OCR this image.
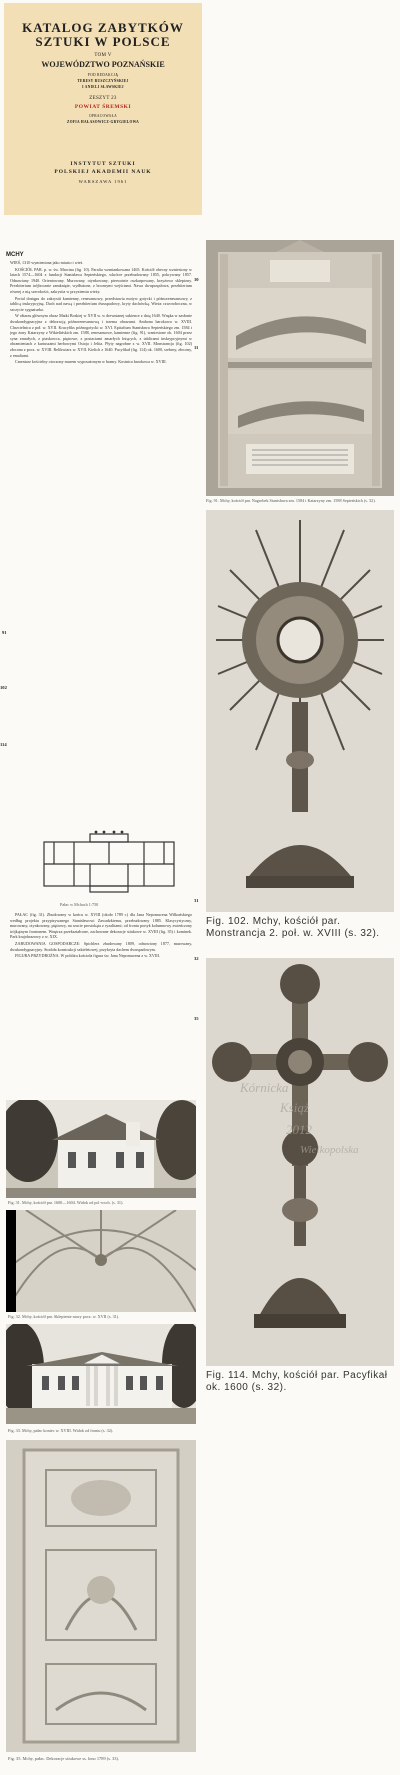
KATALOG ZABYTKÓW
SZTUKI W POLSCE
TOM V
WOJEWÓDZTWO POZNAŃSKIE
POD REDAKCJĄ
TERESY RUSZCZYŃSKIEJ
I ANIELI SŁAWSKIEJ
ZESZYT 23
POWIAT ŚREMSKI
OPRACOWAŁA
ZOFIA HAŁASOWICZ-GRYGIELOWA
INSTYTUT SZTUKI
POLSKIEJ AKADEMII NAUK
WARSZAWA 1961
MCHY
10
11
91
102
114
31
32
35

WIEŚ, 1310 wymieniona jako miasto i wieś.

KOŚCIÓŁ PAR. p. w. św. Marcina (fig. 10). Parafia wzmiankowana 1465. Kościół obecny wzniesiony w latach 1574—1604 z fundacji Stanisława Sepieńskiego, wkrótce przebudowany 1855, pokrywany 1857. Odnawiany 1940. Orientowany. Murowany, otynkowany, pierwotnie oszkarpowany, krzyżowo sklepiony. Prezbiterium trójbocznie zamknięte, wydłużone, z bocznymi wejściami. Nawa dwuprzęsłowa, prezbiterium równej z nią szerokości, zakrystia w przyziemiu wieży.

Portal dostępu do zakrystii kamienny, renesansowy, przedstawia motyw gotycki i późnorenesansowy, z tablicą inskrypcyjną. Dach nad nawą i prezbiterium dwuspadowy, kryty dachówką. Wieża czworoboczna, w szczycie sygnaturka.

W ołtarzu głównym obraz Matki Boskiej w XVII w. w drewnianej sukience z datą 1640. Wnęka w zasłonie dwukondygnacyjna z dekoracją późnorenesansową i trzema obrazami. Ambona barokowa w. XVIII. Chrzcielnica z poł. w. XVII. Krucyfiks późnogotycki w. XVI. Epitafium Stanisława Sepieńskiego zm. 1584 i jego żony Katarzyny z Wikielińskich zm. 1588, renesansowe, kamienne (fig. 91), wzniesione ok. 1604 przez syna zmarłych, z piaskowca, piętrowe, z postaciami zmarłych leżących, z tablicami inskrypcyjnymi w obramieniach z kartuszami herbowymi Ostoja i Jelita. Płyty nagrobne z w. XVII. Monstrancja (fig. 102) złocona z pocz. w. XVIII. Relikwiarz w. XVII. Kielich z 1640. Pacyfikał (fig. 114) ok. 1600, srebrny, złocony, z emaliami.

Cmentarz kościelny otoczony murem wyposażonym w bramy. Kostnica barokowa w. XVIII.

Pałac w Mchach 1:750

PAŁAC (fig. 31). Zbudowany w końcu w. XVIII (około 1789 r.) dla Jana Nepomucena Wilkońskiego według projektu przypisywanego Stanisławowi Zawadzkiemu, przebudowany 1885. Klasycystyczny, murowany, otynkowany, piętrowy, na rzucie prostokąta z ryzalitami; od frontu portyk kolumnowy zwieńczony trójkątnym frontonem. Wnętrza przekształcone, zachowane dekoracje stiukowe w. XVIII (fig. 35) i kominek. Park krajobrazowy z w. XIX.

ZABUDOWANIA GOSPODARCZE: Spichlerz zbudowany 1809, odnowiony 1877, murowany, dwukondygnacyjny. Stodoła konstrukcji szkieletowej, przykryta dachem dwuspadowym.

FIGURA PRZYDROŻNA. W pobliżu kościoła figura św. Jana Nepomucena z w. XVIII.

Fig. 91. Mchy, kościół par. Nagrobek Stanisława zm. 1584 i Katarzyny zm. 1588 Sepieńskich (s. 32).
Fig. 102. Mchy, kościół par. Monstrancja 2. poł. w. XVIII (s. 32).
Kórnicka
Książ
2012
Wielkopolska
Fig. 114. Mchy, kościół par. Pacyfikał ok. 1600 (s. 32).
Fig. 31. Mchy, kościół par. 1600—1604. Widok od pd.-wsch. (s. 31).
Fig. 32. Mchy, kościół par. Sklepienie nawy pocz. w. XVII (s. 31).
Fig. 33. Mchy, pałac koniec w. XVIII. Widok od frontu (s. 32).
Fig. 35. Mchy, pałac. Dekoracje stiukowe ss. lono 1789 (s. 33).
